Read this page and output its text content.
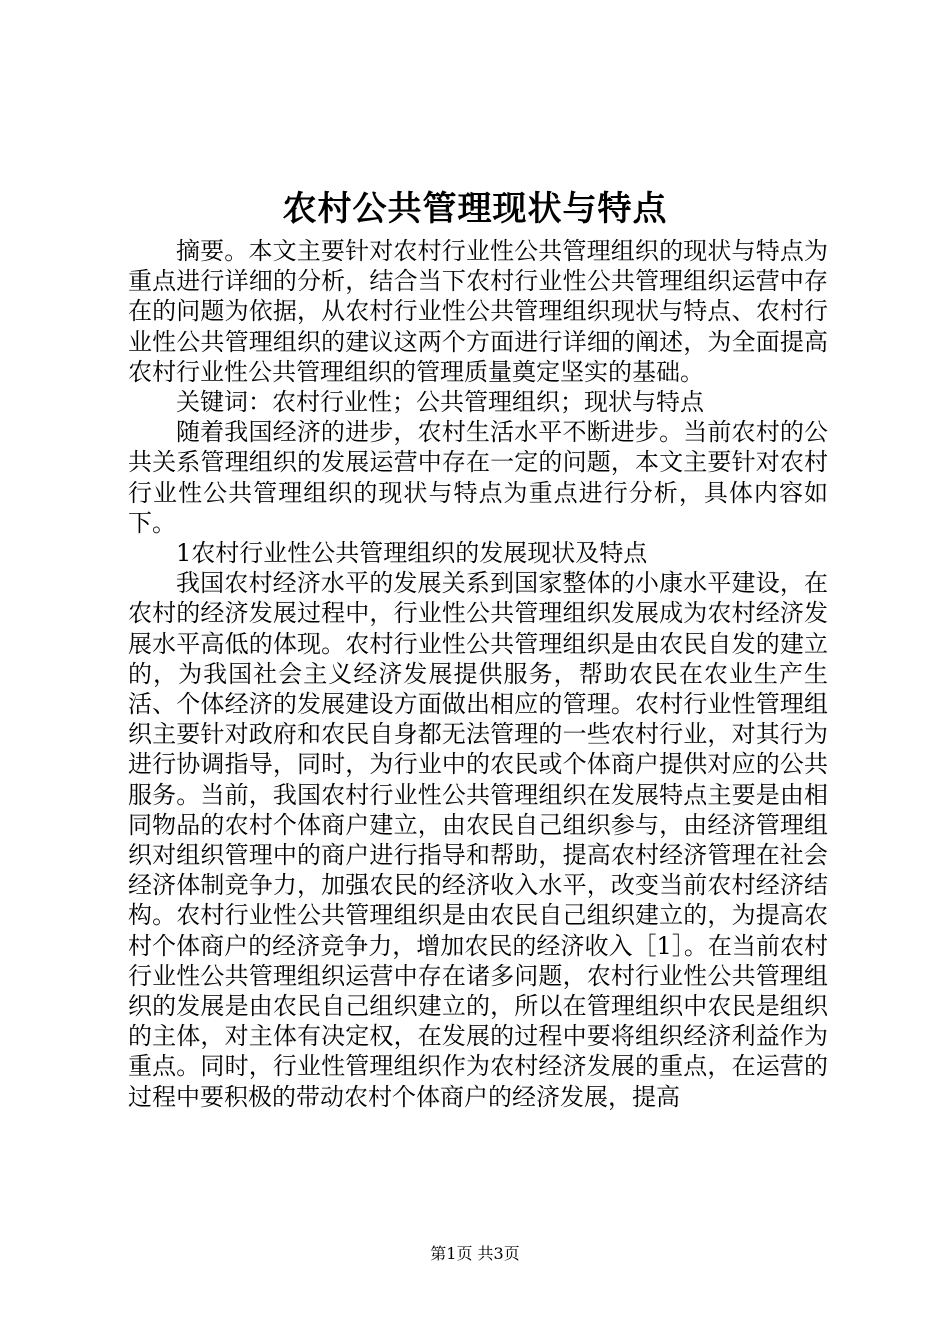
农村公共管理现状与特点

摘要。本文主要针对农村行业性公共管理组织的现状与特点为重点进行详细的分析，结合当下农村行业性公共管理组织运营中存在的问题为依据，从农村行业性公共管理组织现状与特点、农村行业性公共管理组织的建议这两个方面进行详细的阐述，为全面提高农村行业性公共管理组织的管理质量奠定坚实的基础。

关键词：农村行业性；公共管理组织；现状与特点

随着我国经济的进步，农村生活水平不断进步。当前农村的公共关系管理组织的发展运营中存在一定的问题，本文主要针对农村行业性公共管理组织的现状与特点为重点进行分析，具体内容如下。

1农村行业性公共管理组织的发展现状及特点

我国农村经济水平的发展关系到国家整体的小康水平建设，在农村的经济发展过程中，行业性公共管理组织发展成为农村经济发展水平高低的体现。农村行业性公共管理组织是由农民自发的建立的，为我国社会主义经济发展提供服务，帮助农民在农业生产生活、个体经济的发展建设方面做出相应的管理。农村行业性管理组织主要针对政府和农民自身都无法管理的一些农村行业，对其行为进行协调指导，同时，为行业中的农民或个体商户提供对应的公共服务。当前，我国农村行业性公共管理组织在发展特点主要是由相同物品的农村个体商户建立，由农民自己组织参与，由经济管理组织对组织管理中的商户进行指导和帮助，提高农村经济管理在社会经济体制竞争力，加强农民的经济收入水平，改变当前农村经济结构。农村行业性公共管理组织是由农民自己组织建立的，为提高农村个体商户的经济竞争力，增加农民的经济收入［1］。在当前农村行业性公共管理组织运营中存在诸多问题，农村行业性公共管理组织的发展是由农民自己组织建立的，所以在管理组织中农民是组织的主体，对主体有决定权，在发展的过程中要将组织经济利益作为重点。同时，行业性管理组织作为农村经济发展的重点，在运营的过程中要积极的带动农村个体商户的经济发展，提高

第1页 共3页
